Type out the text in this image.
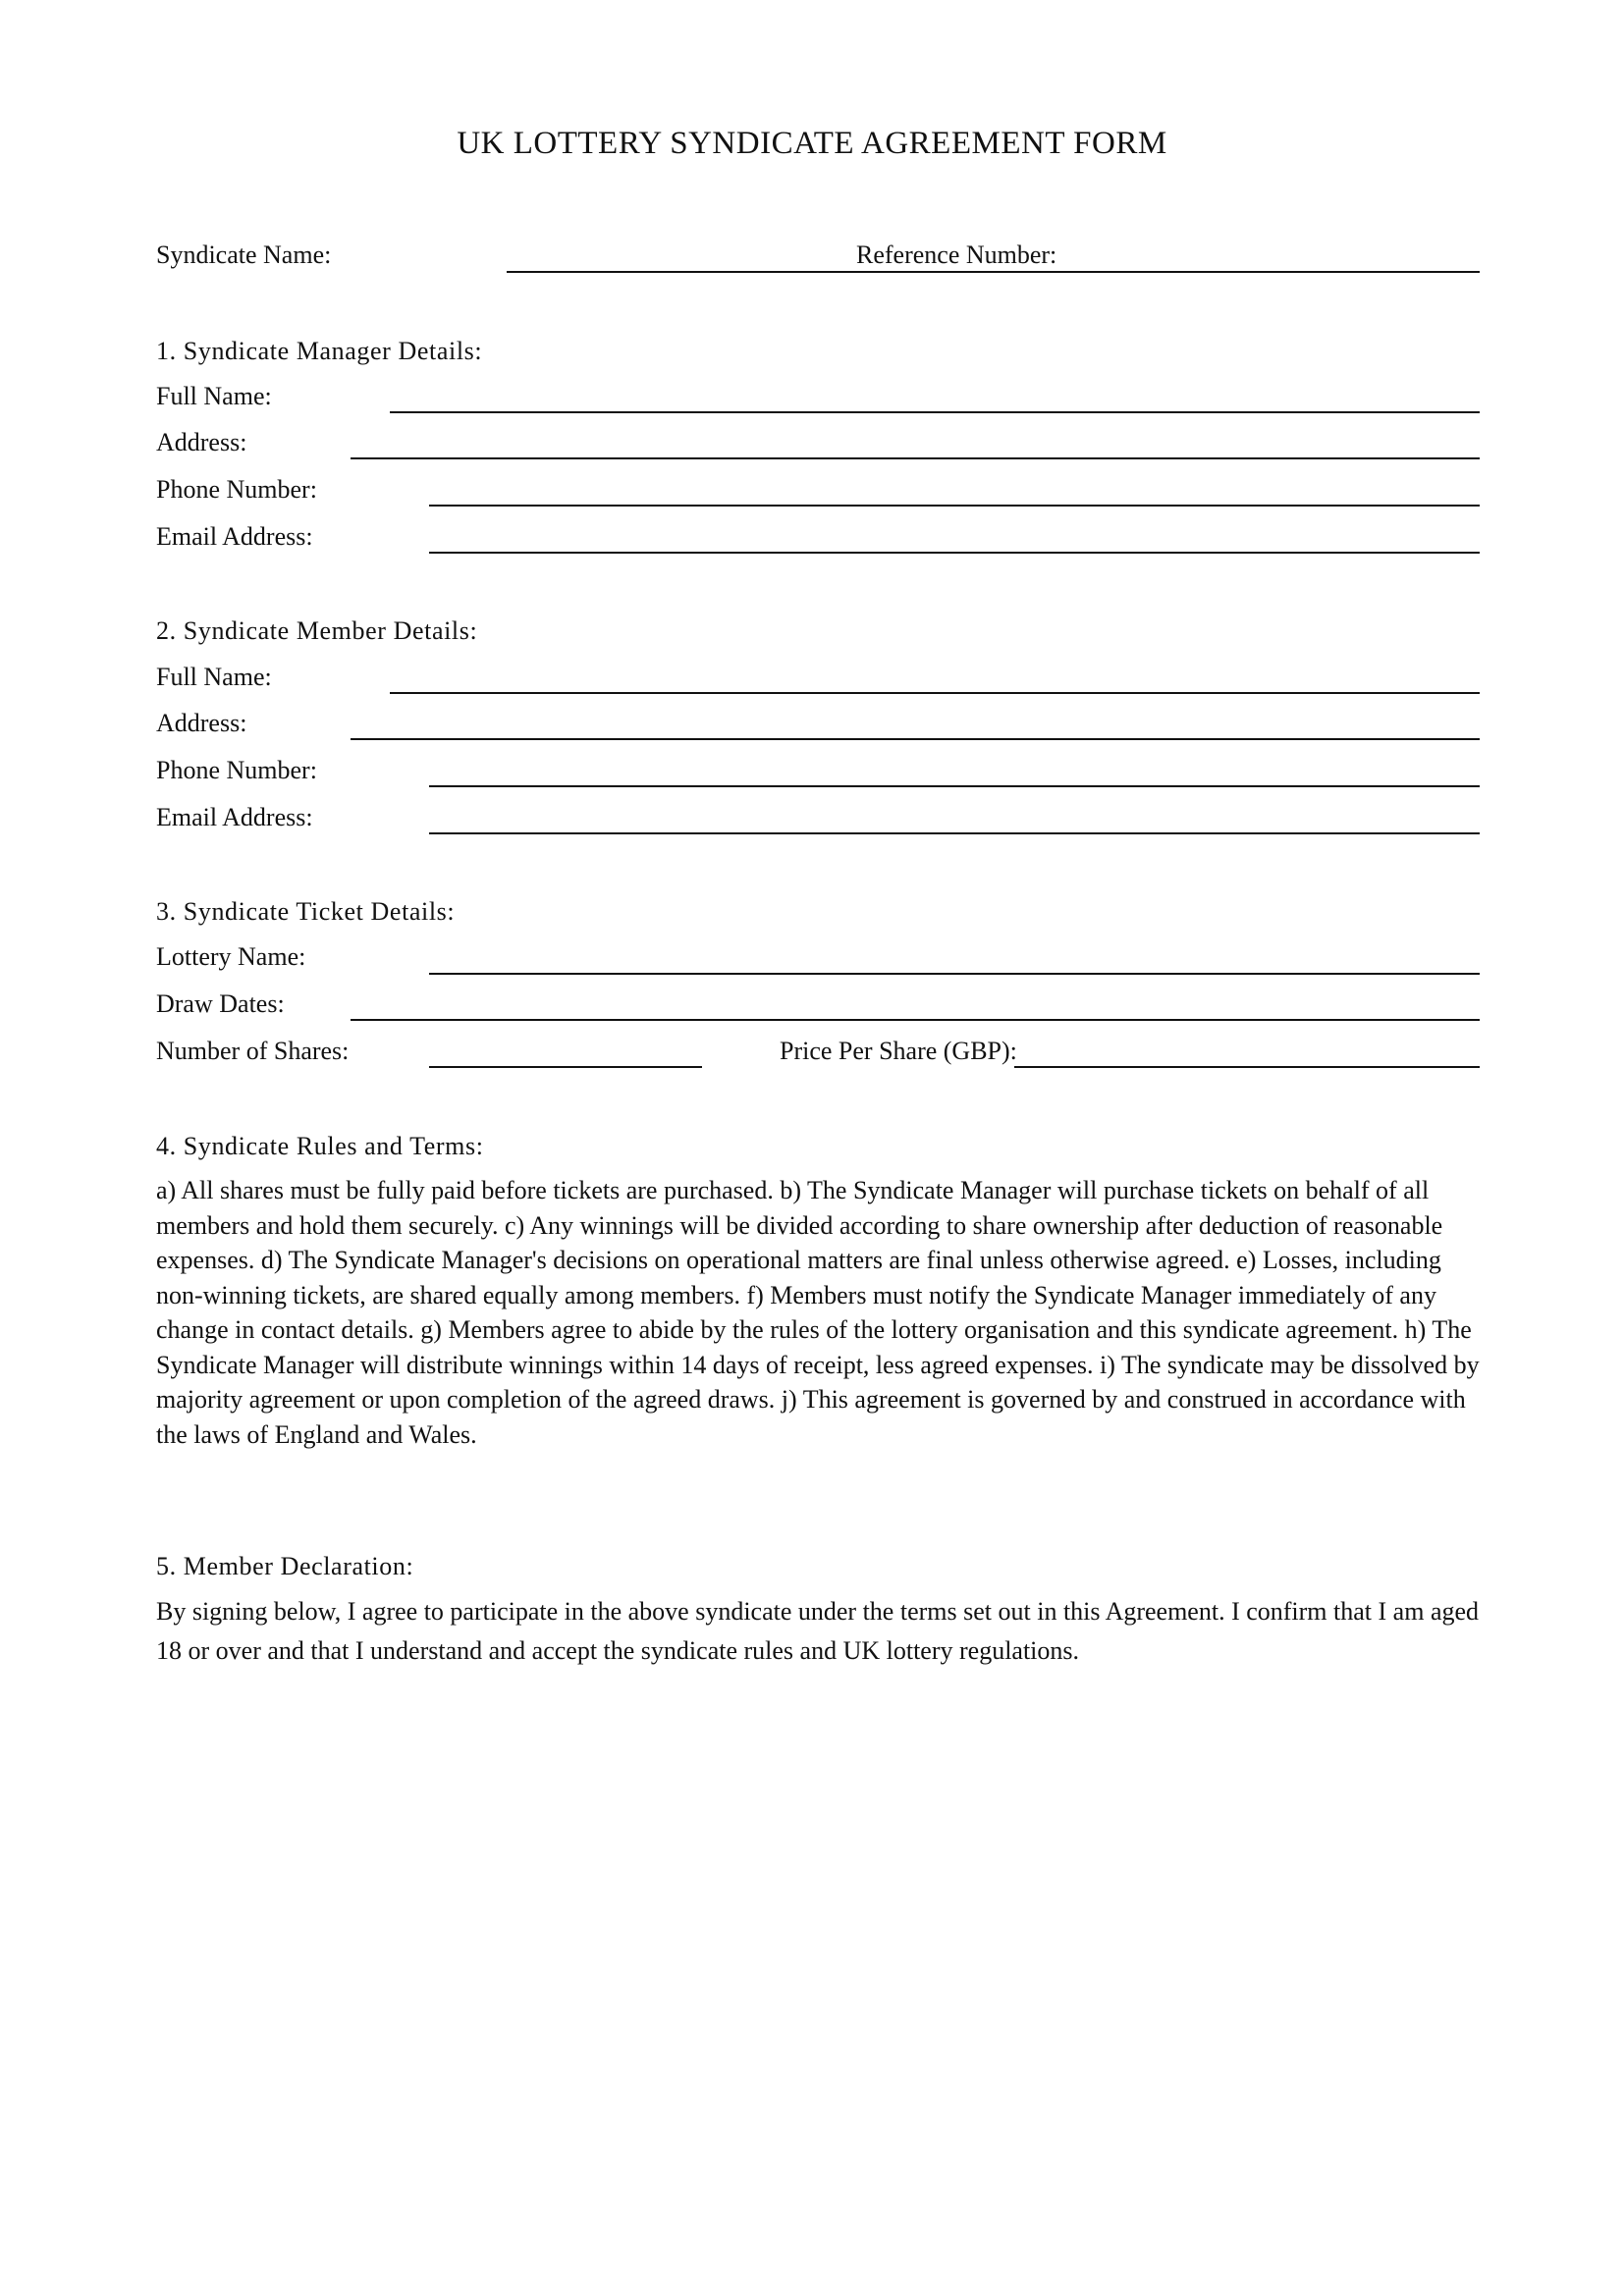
UK LOTTERY SYNDICATE AGREEMENT FORM
Syndicate Name:	Reference Number:
1. Syndicate Manager Details:
Full Name:
Address:
Phone Number:
Email Address:
2. Syndicate Member Details:
Full Name:
Address:
Phone Number:
Email Address:
3. Syndicate Ticket Details:
Lottery Name:
Draw Dates:
Number of Shares:	Price Per Share (GBP):
4. Syndicate Rules and Terms:
a) All shares must be fully paid before tickets are purchased. b) The Syndicate Manager will purchase tickets on behalf of all members and hold them securely. c) Any winnings will be divided according to share ownership after deduction of reasonable expenses. d) The Syndicate Manager's decisions on operational matters are final unless otherwise agreed. e) Losses, including non-winning tickets, are shared equally among members. f) Members must notify the Syndicate Manager immediately of any change in contact details. g) Members agree to abide by the rules of the lottery organisation and this syndicate agreement. h) The Syndicate Manager will distribute winnings within 14 days of receipt, less agreed expenses. i) The syndicate may be dissolved by majority agreement or upon completion of the agreed draws. j) This agreement is governed by and construed in accordance with the laws of England and Wales.
5. Member Declaration:
By signing below, I agree to participate in the above syndicate under the terms set out in this Agreement. I confirm that I am aged 18 or over and that I understand and accept the syndicate rules and UK lottery regulations.
